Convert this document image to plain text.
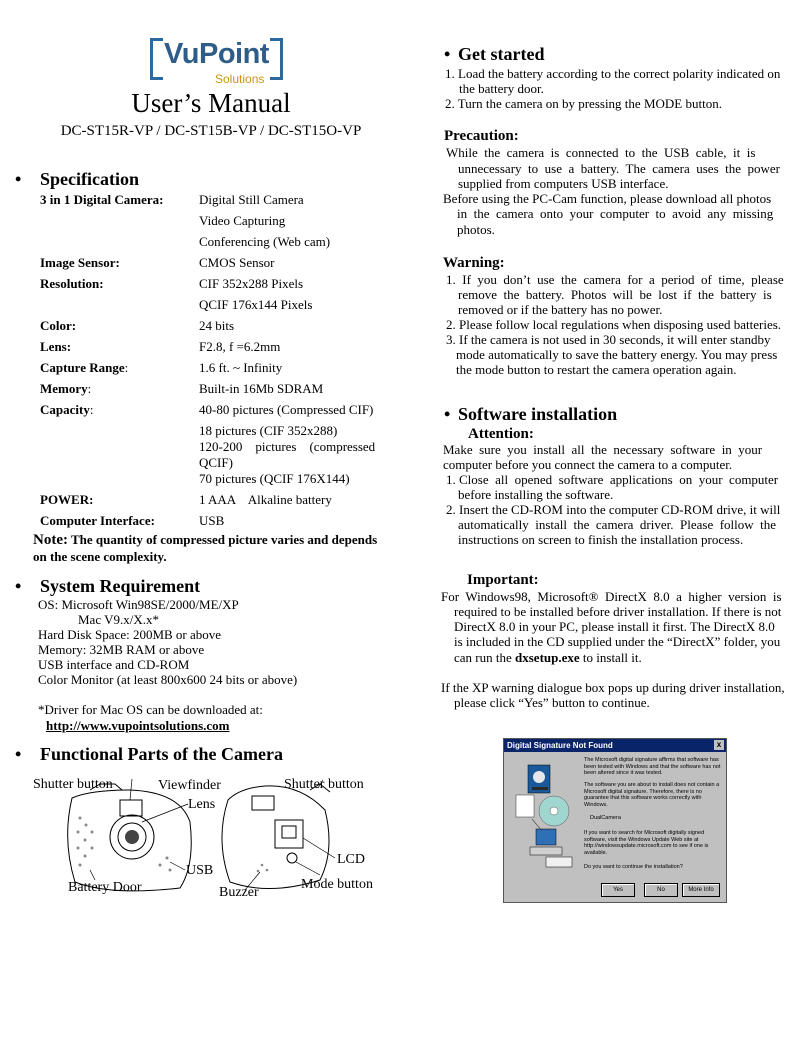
VuPoint
Solutions
User’s Manual
DC-ST15R-VP / DC-ST15B-VP / DC-ST15O-VP
• Specification
3 in 1 Digital Camera:	Digital Still Camera
Video Capturing
Conferencing (Web cam)
Image Sensor:	CMOS Sensor
Resolution:	CIF 352x288 Pixels
QCIF 176x144 Pixels
Color:	24 bits
Lens:	F2.8, f =6.2mm
Capture Range:	1.6 ft. ~ Infinity
Memory:	Built-in 16Mb SDRAM
Capacity:	40-80 pictures (Compressed CIF)
18 pictures (CIF 352x288)
120-200    pictures    (compressed
QCIF)
70 pictures (QCIF 176X144)
POWER:	1 AAA    Alkaline battery
Computer Interface:	USB
Note: The quantity of compressed picture varies and depends
on the scene complexity.
• System Requirement
OS: Microsoft Win98SE/2000/ME/XP
Mac V9.x/X.x*
Hard Disk Space: 200MB or above
Memory: 32MB RAM or above
USB interface and CD-ROM
Color Monitor (at least 800x600 24 bits or above)
*Driver for Mac OS can be downloaded at:
http://www.vupointsolutions.com
• Functional Parts of the Camera
Shutter button	Viewfinder
Lens
USB
Battery Door
Shutter button
LCD
Mode button
Buzzer
• Get started
1. Load the battery according to the correct polarity indicated on
the battery door.
2. Turn the camera on by pressing the MODE button.
Precaution:
While  the  camera  is  connected  to  the  USB  cable,  it  is
unnecessary  to  use  a  battery.  The  camera  uses  the  power
supplied from computers USB interface.
Before using the PC-Cam function, please download all photos
in  the  camera  onto  your  computer  to  avoid  any  missing
photos.
Warning:
1.  If  you  don’t  use  the  camera  for  a  period  of  time,  please
remove  the  battery.  Photos  will  be  lost  if  the  battery  is
removed or if the battery has no power.
2. Please follow local regulations when disposing used batteries.
3. If the camera is not used in 30 seconds, it will enter standby
mode automatically to save the battery energy. You may press
the mode button to restart the camera operation again.
• Software installation
Attention:
Make  sure  you  install  all  the  necessary  software  in  your
computer before you connect the camera to a computer.
1. Close  all  opened  software  applications  on  your  computer
before installing the software.
2. Insert the CD-ROM into the computer CD-ROM drive, it will
automatically  install  the  camera  driver.  Please  follow  the
instructions on screen to finish the installation process.
Important:
For  Windows98,  Microsoft®  DirectX  8.0  a  higher  version  is
required to be installed before driver installation. If there is not
DirectX 8.0 in your PC, please install it first. The DirectX 8.0
is included in the CD supplied under the “DirectX” folder, you
can run the dxsetup.exe to install it.
If the XP warning dialogue box pops up during driver installation,
please click “Yes” button to continue.
Digital Signature Not Found	x
The Microsoft digital signature affirms that software has been tested with Windows and that the software has not been altered since it was tested.
The software you are about to install does not contain a Microsoft digital signature. Therefore, there is no guarantee that this software works correctly with Windows.
DualCamera
If you want to search for Microsoft digitally signed software, visit the Windows Update Web site at http://windowsupdate.microsoft.com to see if one is available.
Do you want to continue the installation?
Yes	No	More Info
